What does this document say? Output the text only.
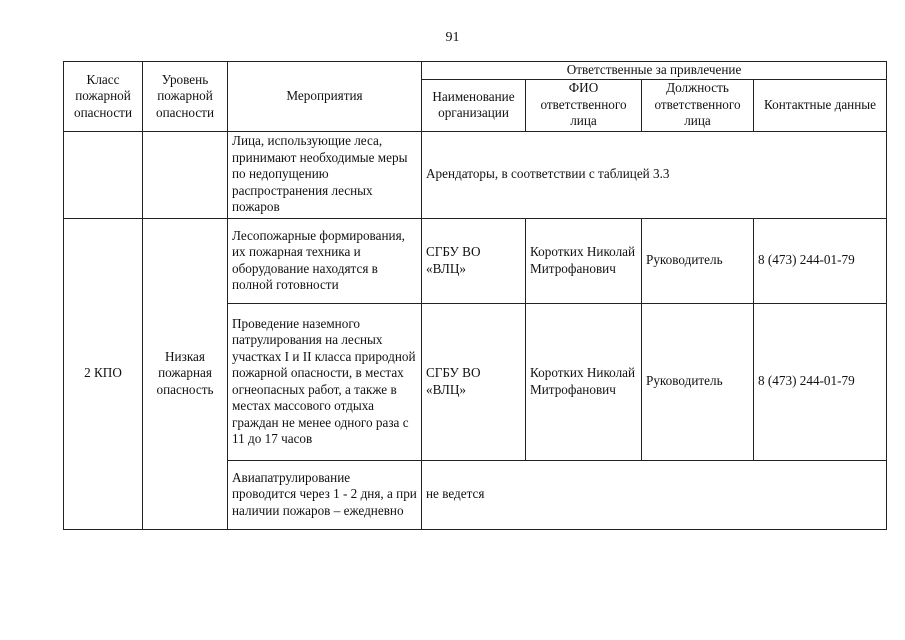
91
Класс пожарной опасности	Уровень пожарной опасности	Мероприятия	Ответственные за привлечение			
			Наименование организации	ФИО ответственного лица	Должность ответственного лица	Контактные данные
		Лица, использующие леса, принимают необходимые меры по недопущению распространения лесных пожаров	Арендаторы, в соответствии с таблицей 3.3			
2 КПО	Низкая пожарная опасность	Лесопожарные формирования, их пожарная техника и оборудование находятся в полной готовности	СГБУ ВО «ВЛЦ»	Коротких Николай Митрофанович	Руководитель	8 (473) 244-01-79
		Проведение наземного патрулирования на лесных участках I и II класса природной пожарной опасности, в местах огнеопасных работ, а также в местах массового отдыха граждан не менее одного раза с 11 до 17 часов	СГБУ ВО «ВЛЦ»	Коротких Николай Митрофанович	Руководитель	8 (473) 244-01-79
		Авиапатрулирование проводится через 1 - 2 дня, а при наличии пожаров – ежедневно	не ведется			
